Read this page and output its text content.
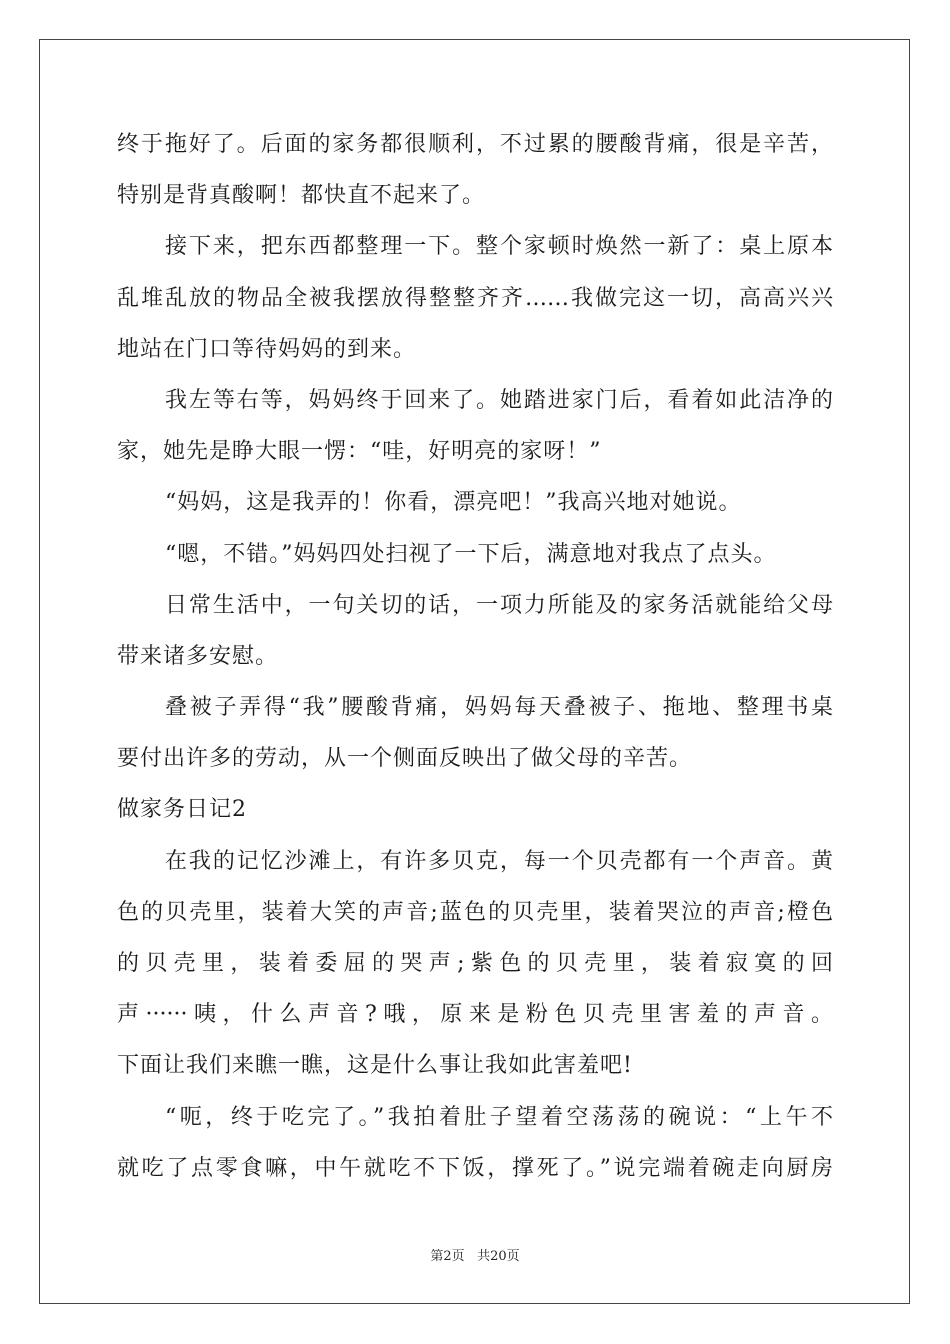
终于拖好了。后面的家务都很顺利，不过累的腰酸背痛，很是辛苦，
特别是背真酸啊！都快直不起来了。
接下来，把东西都整理一下。整个家顿时焕然一新了：桌上原本
乱堆乱放的物品全被我摆放得整整齐齐……我做完这一切，高高兴兴
地站在门口等待妈妈的到来。
我左等右等，妈妈终于回来了。她踏进家门后，看着如此洁净的
家，她先是睁大眼一愣：“哇，好明亮的家呀！”
“妈妈，这是我弄的！你看，漂亮吧！”我高兴地对她说。
“嗯，不错。”妈妈四处扫视了一下后，满意地对我点了点头。
日常生活中，一句关切的话，一项力所能及的家务活就能给父母
带来诸多安慰。
叠被子弄得“我”腰酸背痛，妈妈每天叠被子、拖地、整理书桌
要付出许多的劳动，从一个侧面反映出了做父母的辛苦。
做家务日记2
在我的记忆沙滩上，有许多贝克，每一个贝壳都有一个声音。黄
色的贝壳里，装着大笑的声音;蓝色的贝壳里，装着哭泣的声音;橙色
的贝壳里，装着委屈的哭声;紫色的贝壳里，装着寂寞的回
声······咦，什么声音?哦，原来是粉色贝壳里害羞的声音。
下面让我们来瞧一瞧，这是什么事让我如此害羞吧!
“呃，终于吃完了。”我拍着肚子望着空荡荡的碗说：“上午不
就吃了点零食嘛，中午就吃不下饭，撑死了。”说完端着碗走向厨房
第2页 共20页
